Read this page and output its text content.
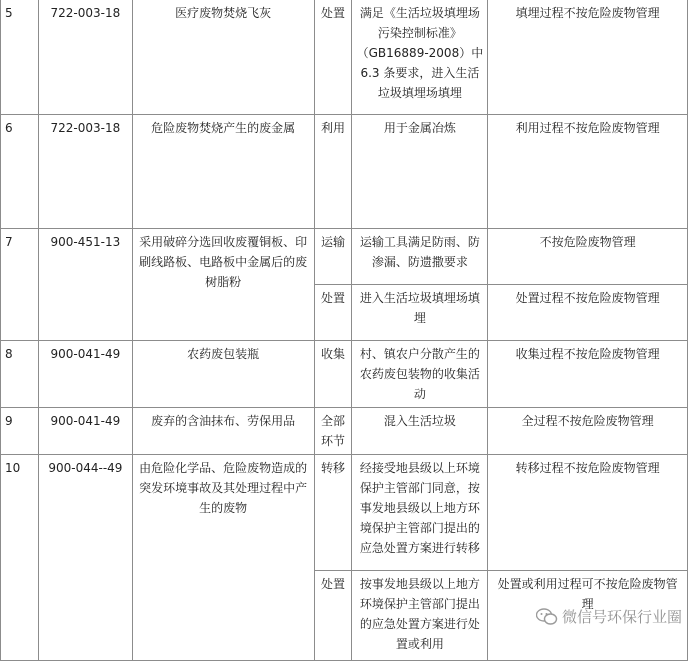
5	722-003-18	医疗废物焚烧飞灰	处置	满足《生活垃圾填埋场污染控制标准》（GB16889-2008）中 6.3 条要求，进入生活垃圾填埋场填埋	填埋过程不按危险废物管理
6	722-003-18	危险废物焚烧产生的废金属	利用	用于金属冶炼	利用过程不按危险废物管理
7	900-451-13	采用破碎分选回收废覆铜板、印刷线路板、电路板中金属后的废树脂粉	运输	运输工具满足防雨、防渗漏、防遗撒要求	不按危险废物管理
			处置	进入生活垃圾填埋场填埋	处置过程不按危险废物管理
8	900-041-49	农药废包装瓶	收集	村、镇农户分散产生的农药废包装物的收集活动	收集过程不按危险废物管理
9	900-041-49	废弃的含油抹布、劳保用品	全部环节	混入生活垃圾	全过程不按危险废物管理
10	900-044--49	由危险化学品、危险废物造成的突发环境事故及其处理过程中产生的废物	转移	经接受地县级以上环境保护主管部门同意，按事发地县级以上地方环境保护主管部门提出的应急处置方案进行转移	转移过程不按危险废物管理
			处置	按事发地县级以上地方环境保护主管部门提出的应急处置方案进行处置或利用	处置或利用过程可不按危险废物管理
微信号环保行业圈
